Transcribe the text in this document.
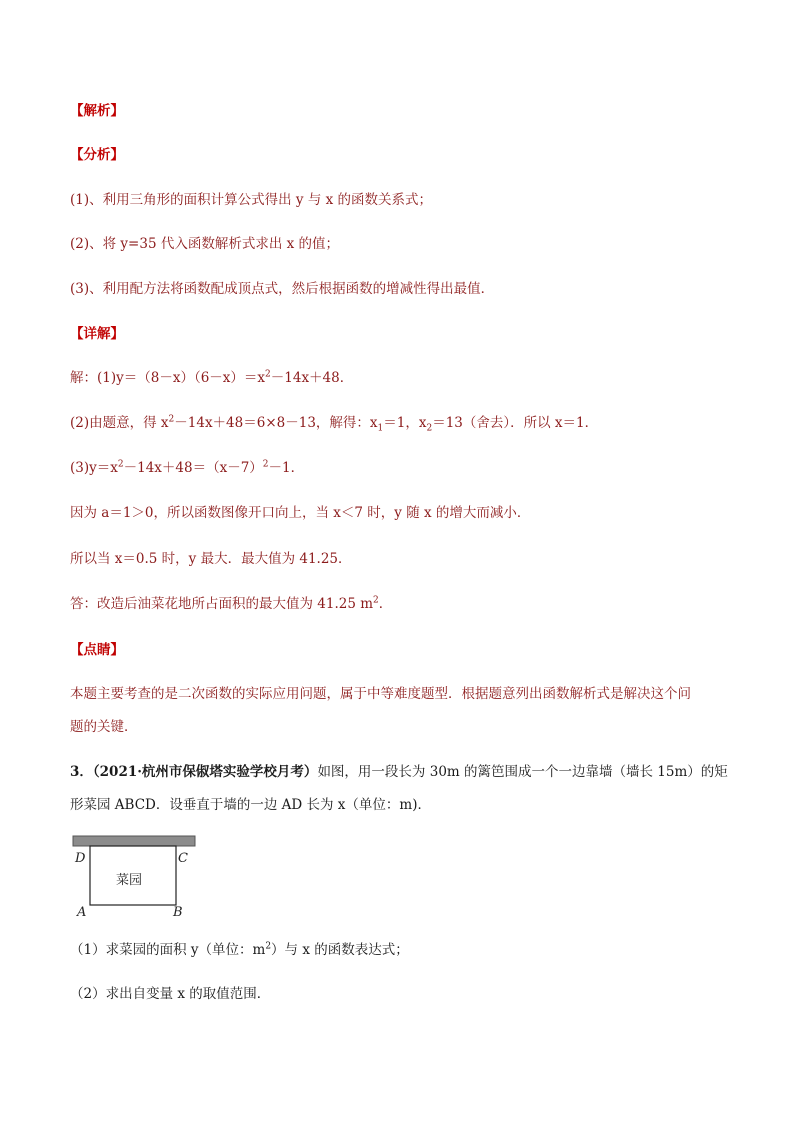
【解析】
【分析】
(1)、利用三角形的面积计算公式得出 y 与 x 的函数关系式；
(2)、将 y=35 代入函数解析式求出 x 的值；
(3)、利用配方法将函数配成顶点式，然后根据函数的增减性得出最值．
【详解】
解：$(1)y=(8-x)(6-x)=x^2-14x+48$．
(2)由题意，得 $x^2-14x+48=6\times 8-13$，解得：$x_1=1$，$x_2=13$（舍去）．所以 x＝1．
$(3)y=x^2-14x+48=(x-7)^2-1$．
因为 a＝1＞0，所以函数图像开口向上，当 x＜7 时，y 随 x 的增大而减小．
所以当 x＝0.5 时，y 最大．最大值为 41.25．
答：改造后油菜花地所占面积的最大值为 41.25 $m^2$．
【点睛】
本题主要考查的是二次函数的实际应用问题，属于中等难度题型．根据题意列出函数解析式是解决这个问
题的关键．
3．（2021·杭州市保俶塔实验学校月考）如图，用一段长为 30m 的篱笆围成一个一边靠墙（墙长 15m）的矩
形菜园 ABCD．设垂直于墙的一边 AD 长为 x（单位：m)．
菜园
D	C
A	B
（1）求菜园的面积 y（单位：$m^2$）与 x 的函数表达式；
（2）求出自变量 x 的取值范围．
